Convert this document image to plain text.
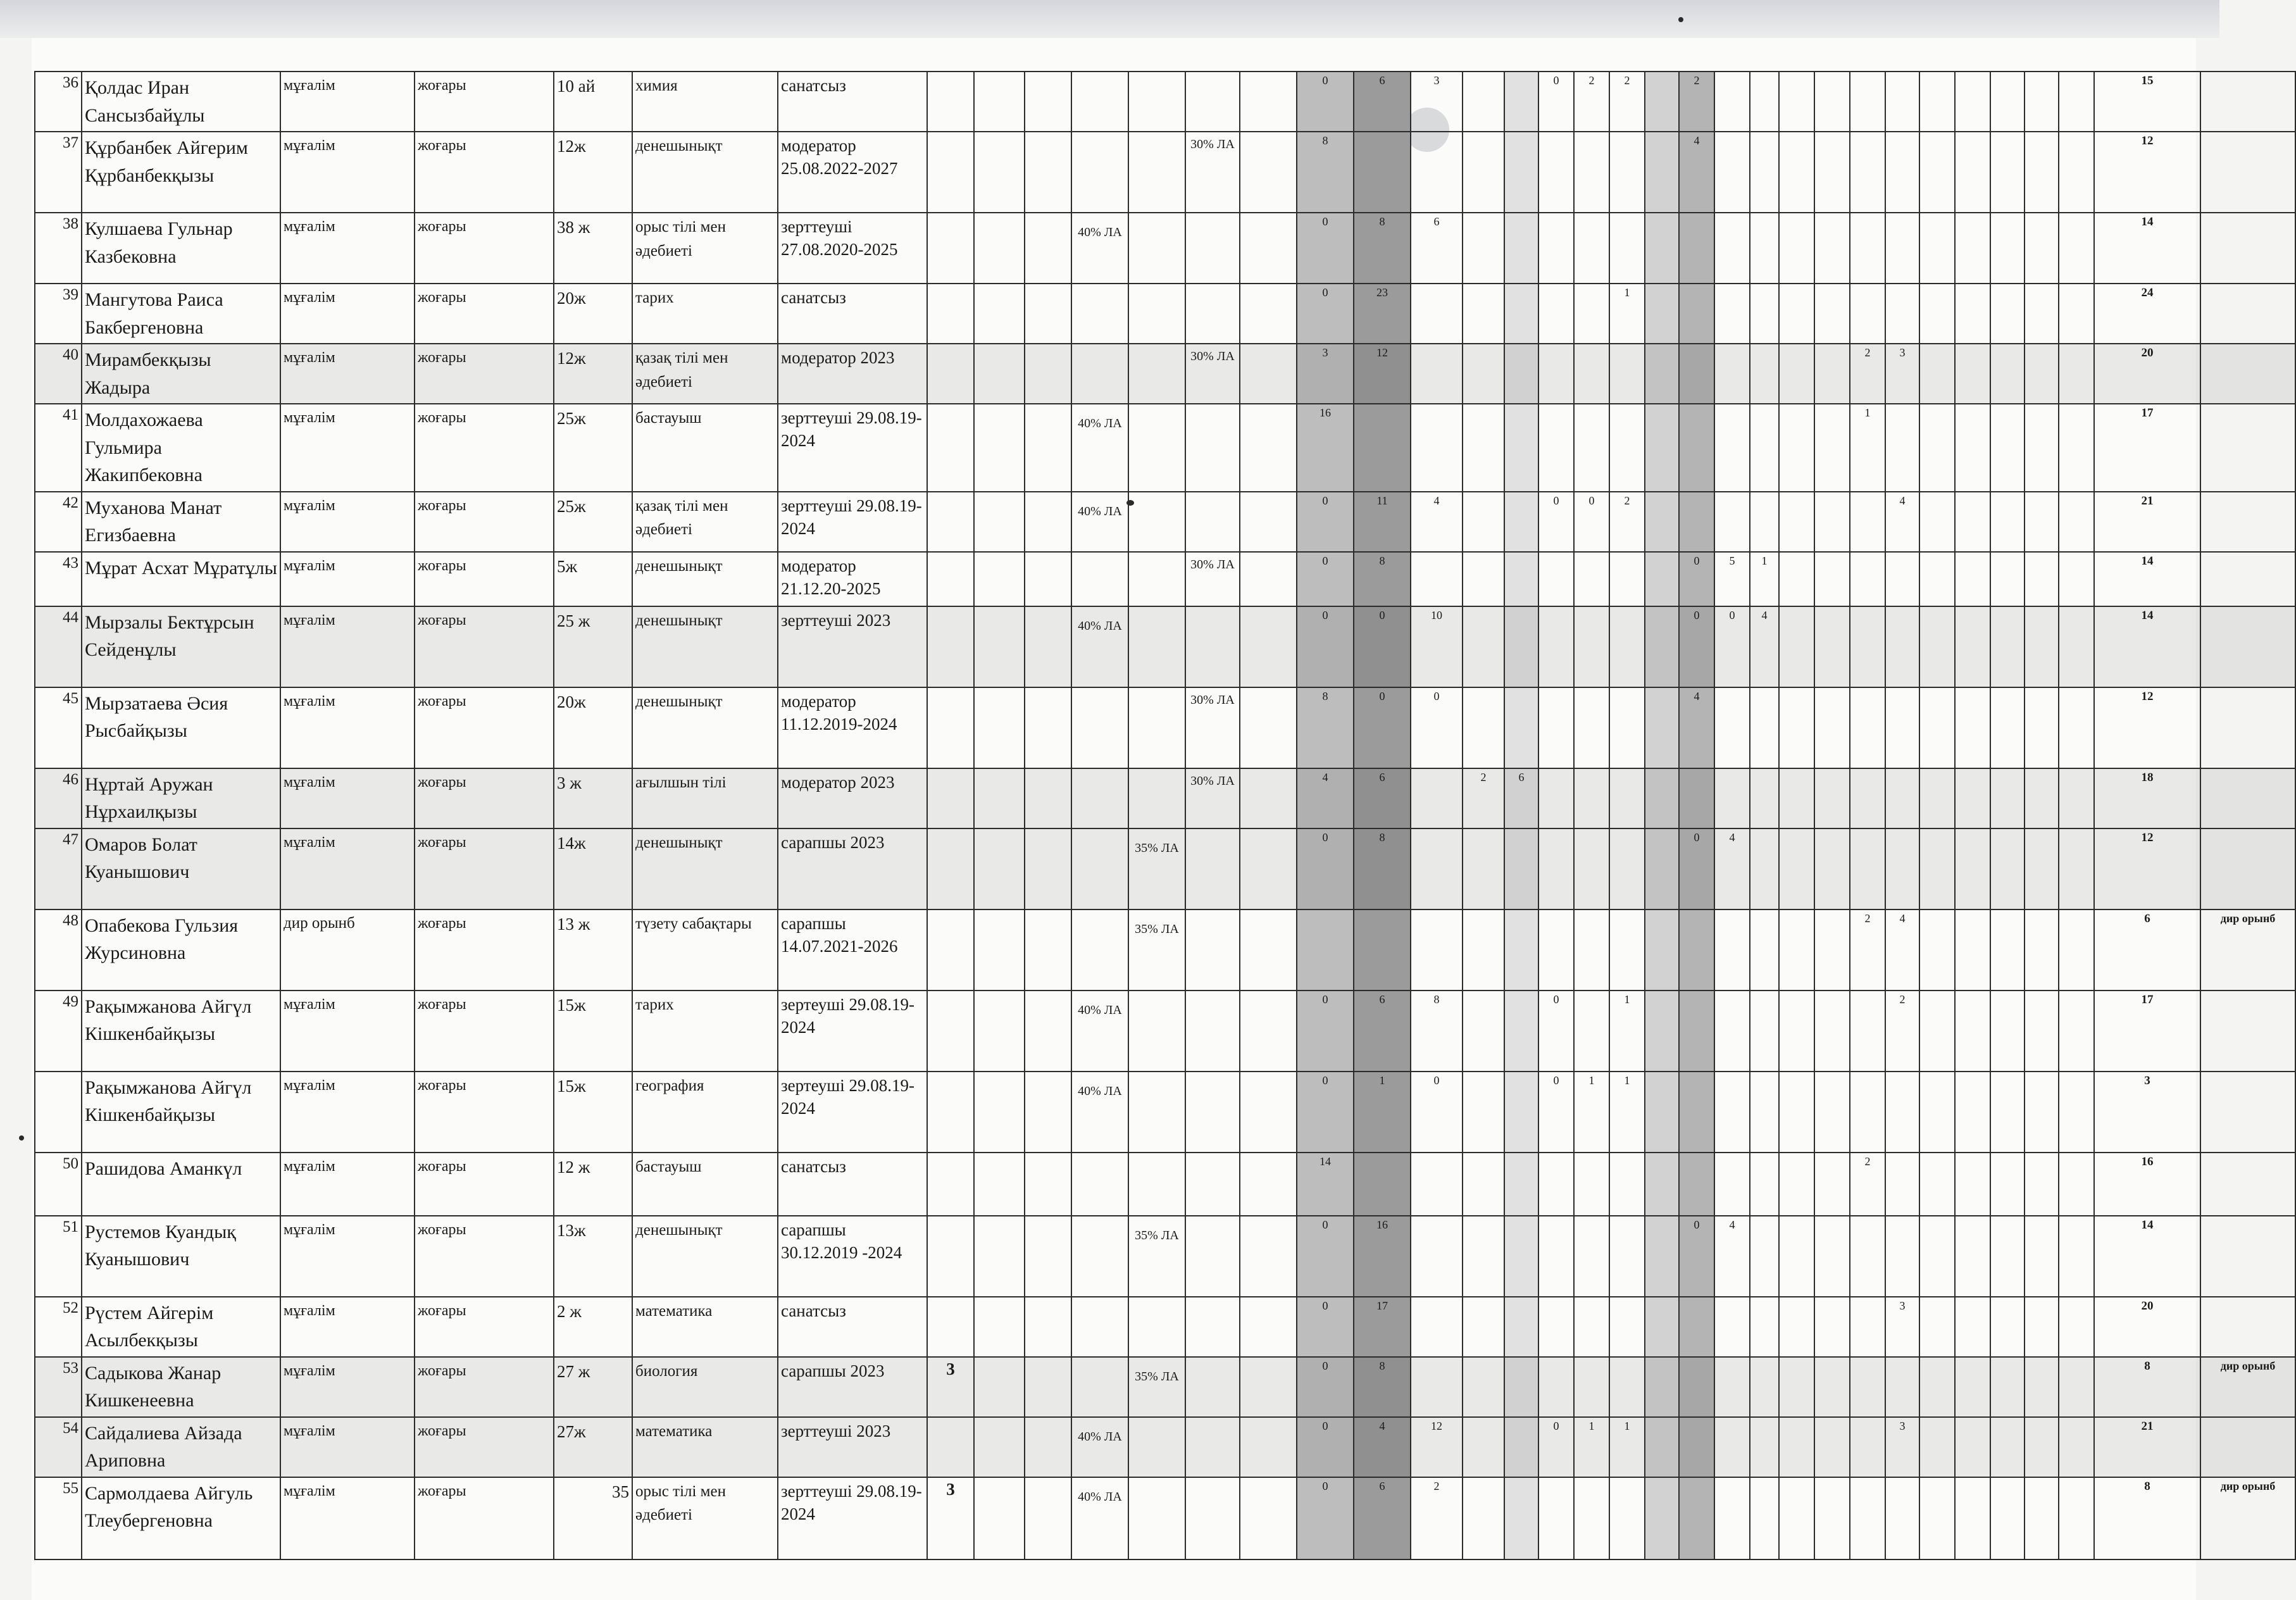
36	Қолдас Иран Сансызбайұлы	мұғалім	жоғары	10 ай	химия	санатсыз								0	6	3			0	2	2		2												15	
37	Құрбанбек Айгерим Құрбанбекқызы	мұғалім	жоғары	12ж	денешынықт	модератор 25.08.2022-2027						30% ЛА		8									4												12	
38	Кулшаева Гульнар Казбековна	мұғалім	жоғары	38 ж	орыс тілі мен әдебиеті	зерттеуші 27.08.2020-2025				40% ЛА				0	8	6																			14	
39	Мангутова Раиса Бакбергеновна	мұғалім	жоғары	20ж	тарих	санатсыз								0	23						1														24	
40	Мирамбекқызы Жадыра	мұғалім	жоғары	12ж	қазақ тілі мен әдебиеті	модератор 2023						30% ЛА		3	12													2	3						20	
41	Молдахожаева Гульмира Жакипбековна	мұғалім	жоғары	25ж	бастауыш	зерттеуші 29.08.19-2024				40% ЛА				16														1							17	
42	Муханова Манат Егизбаевна	мұғалім	жоғары	25ж	қазақ тілі мен әдебиеті	зерттеуші 29.08.19-2024				40% ЛА				0	11	4			0	0	2								4						21	
43	Мұрат Асхат Мұратұлы	мұғалім	жоғары	5ж	денешынықт	модератор 21.12.20-2025						30% ЛА		0	8								0	5	1										14	
44	Мырзалы Бектұрсын Сейденұлы	мұғалім	жоғары	25 ж	денешынықт	зерттеуші 2023				40% ЛА				0	0	10							0	0	4										14	
45	Мырзатаева Әсия Рысбайқызы	мұғалім	жоғары	20ж	денешынықт	модератор 11.12.2019-2024						30% ЛА		8	0	0							4												12	
46	Нұртай Аружан Нұрхаилқызы	мұғалім	жоғары	3 ж	ағылшын тілі	модератор 2023						30% ЛА		4	6		2	6																	18	
47	Омаров Болат Куанышович	мұғалім	жоғары	14ж	денешынықт	сарапшы 2023					35% ЛА			0	8								0	4											12	
48	Опабекова Гульзия Журсиновна	дир орынб	жоғары	13 ж	түзету сабақтары	сарапшы 14.07.2021-2026					35% ЛА																	2	4						6	дир орынб
49	Рақымжанова Айгүл Кішкенбайқызы	мұғалім	жоғары	15ж	тарих	зертеуші 29.08.19-2024				40% ЛА				0	6	8			0		1								2						17	
	Рақымжанова Айгүл Кішкенбайқызы	мұғалім	жоғары	15ж	география	зертеуші 29.08.19-2024				40% ЛА				0	1	0			0	1	1														3	
50	Рашидова Аманкүл	мұғалім	жоғары	12 ж	бастауыш	санатсыз								14														2							16	
51	Рустемов Куандық Куанышович	мұғалім	жоғары	13ж	денешынықт	сарапшы 30.12.2019 -2024					35% ЛА			0	16								0	4											14	
52	Рүстем Айгерім Асылбекқызы	мұғалім	жоғары	2 ж	математика	санатсыз								0	17														3						20	
53	Садыкова Жанар Кишкенеевна	мұғалім	жоғары	27 ж	биология	сарапшы 2023	3				35% ЛА			0	8																				8	дир орынб
54	Сайдалиева Айзада Ариповна	мұғалім	жоғары	27ж	математика	зерттеуші 2023				40% ЛА				0	4	12			0	1	1								3						21	
55	Сармолдаева Айгуль Тлеубергеновна	мұғалім	жоғары	35	орыс тілі мен әдебиеті	зерттеуші 29.08.19-2024	3			40% ЛА				0	6	2																			8	дир орынб
